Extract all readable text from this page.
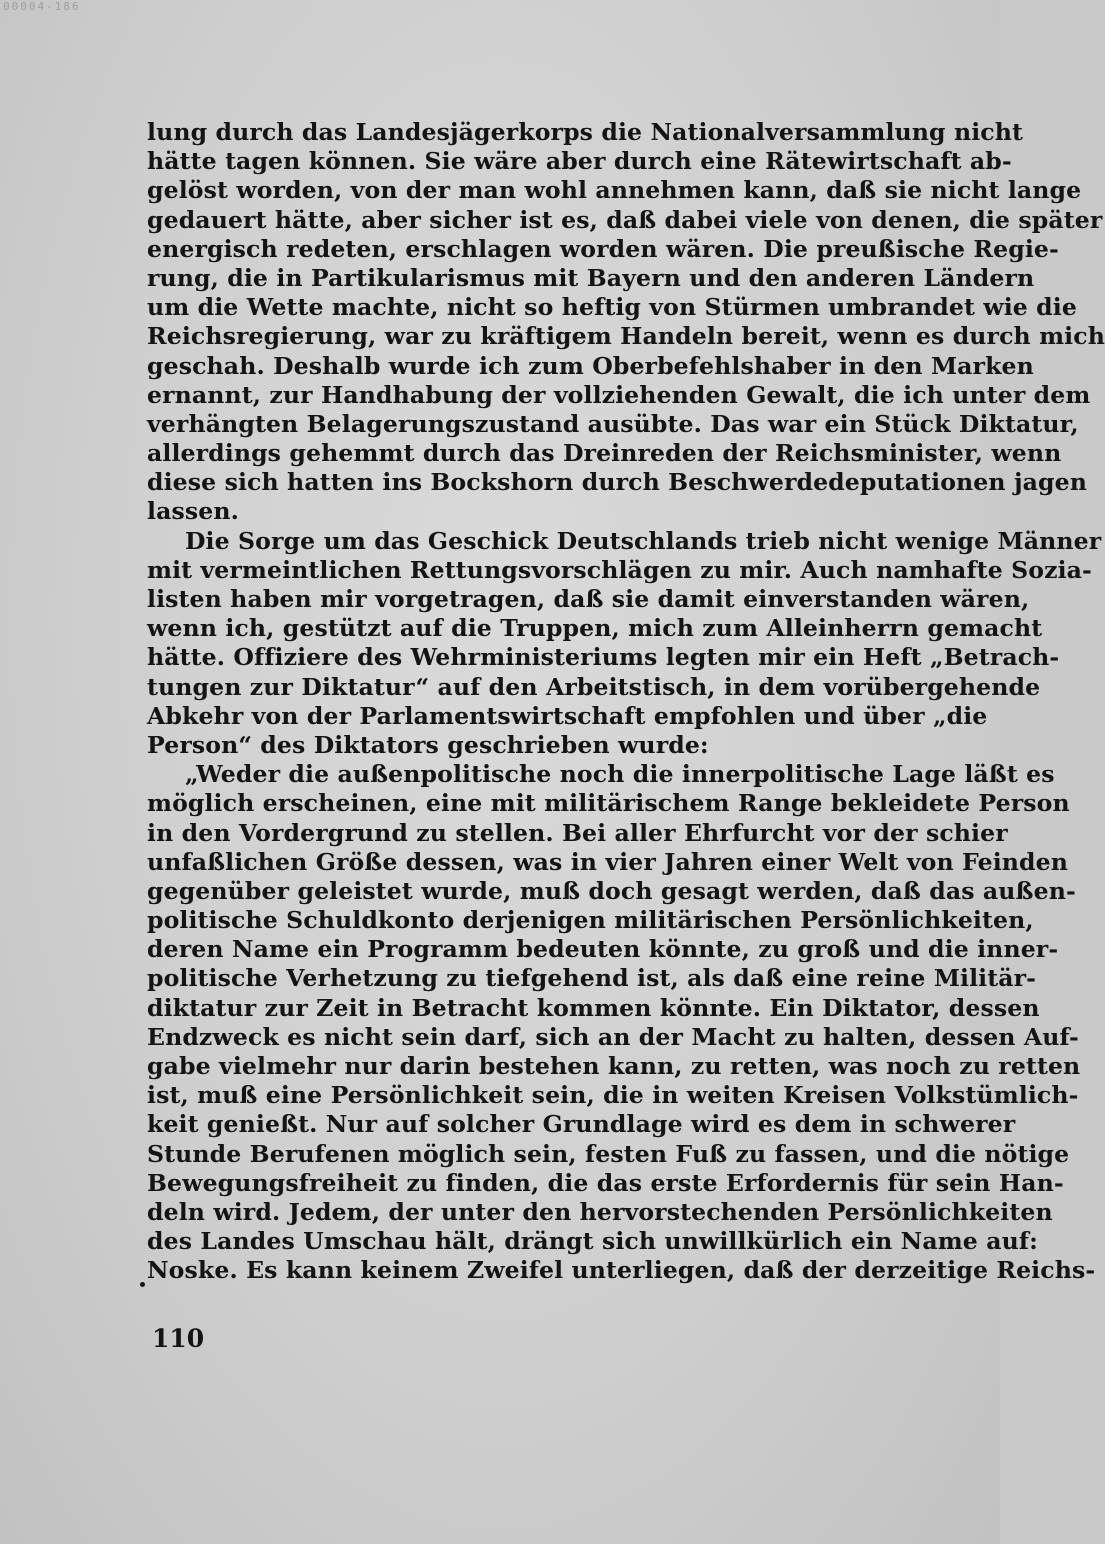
00004-186
lung durch das Landesjägerkorps die Nationalversammlung nicht
hätte tagen können. Sie wäre aber durch eine Rätewirtschaft ab-
gelöst worden, von der man wohl annehmen kann, daß sie nicht lange
gedauert hätte, aber sicher ist es, daß dabei viele von denen, die später
energisch redeten, erschlagen worden wären. Die preußische Regie-
rung, die in Partikularismus mit Bayern und den anderen Ländern
um die Wette machte, nicht so heftig von Stürmen umbrandet wie die
Reichsregierung, war zu kräftigem Handeln bereit, wenn es durch mich
geschah. Deshalb wurde ich zum Oberbefehlshaber in den Marken
ernannt, zur Handhabung der vollziehenden Gewalt, die ich unter dem
verhängten Belagerungszustand ausübte. Das war ein Stück Diktatur,
allerdings gehemmt durch das Dreinreden der Reichsminister, wenn
diese sich hatten ins Bockshorn durch Beschwerdedeputationen jagen
lassen.
Die Sorge um das Geschick Deutschlands trieb nicht wenige Männer
mit vermeintlichen Rettungsvorschlägen zu mir. Auch namhafte Sozia-
listen haben mir vorgetragen, daß sie damit einverstanden wären,
wenn ich, gestützt auf die Truppen, mich zum Alleinherrn gemacht
hätte. Offiziere des Wehrministeriums legten mir ein Heft „Betrach-
tungen zur Diktatur“ auf den Arbeitstisch, in dem vorübergehende
Abkehr von der Parlamentswirtschaft empfohlen und über „die
Person“ des Diktators geschrieben wurde:
„Weder die außenpolitische noch die innerpolitische Lage läßt es
möglich erscheinen, eine mit militärischem Range bekleidete Person
in den Vordergrund zu stellen. Bei aller Ehrfurcht vor der schier
unfaßlichen Größe dessen, was in vier Jahren einer Welt von Feinden
gegenüber geleistet wurde, muß doch gesagt werden, daß das außen-
politische Schuldkonto derjenigen militärischen Persönlichkeiten,
deren Name ein Programm bedeuten könnte, zu groß und die inner-
politische Verhetzung zu tiefgehend ist, als daß eine reine Militär-
diktatur zur Zeit in Betracht kommen könnte. Ein Diktator, dessen
Endzweck es nicht sein darf, sich an der Macht zu halten, dessen Auf-
gabe vielmehr nur darin bestehen kann, zu retten, was noch zu retten
ist, muß eine Persönlichkeit sein, die in weiten Kreisen Volkstümlich-
keit genießt. Nur auf solcher Grundlage wird es dem in schwerer
Stunde Berufenen möglich sein, festen Fuß zu fassen, und die nötige
Bewegungsfreiheit zu finden, die das erste Erfordernis für sein Han-
deln wird. Jedem, der unter den hervorstechenden Persönlichkeiten
des Landes Umschau hält, drängt sich unwillkürlich ein Name auf:
Noske. Es kann keinem Zweifel unterliegen, daß der derzeitige Reichs-
110
